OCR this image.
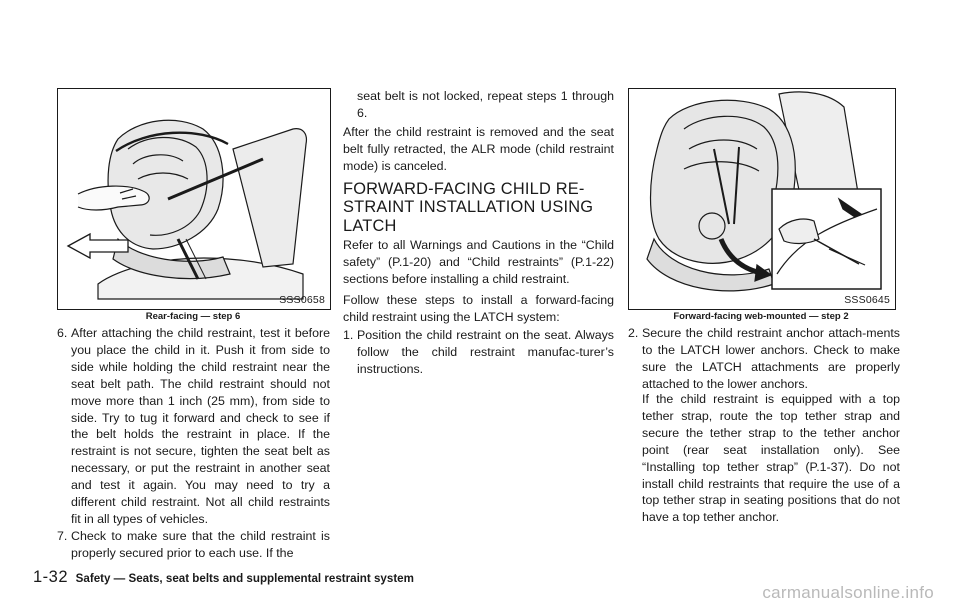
SSS0658
Rear-facing — step 6
6. After attaching the child restraint, test it before you place the child in it. Push it from side to side while holding the child restraint near the seat belt path. The child restraint should not move more than 1 inch (25 mm), from side to side. Try to tug it forward and check to see if the belt holds the restraint in place. If the restraint is not secure, tighten the seat belt as necessary, or put the restraint in another seat and test it again. You may need to try a different child restraint. Not all child restraints fit in all types of vehicles.
7. Check to make sure that the child restraint is properly secured prior to each use. If the
seat belt is not locked, repeat steps 1 through 6.
After the child restraint is removed and the seat belt fully retracted, the ALR mode (child restraint mode) is canceled.
FORWARD-FACING CHILD RE-
STRAINT INSTALLATION USING
LATCH
Refer to all Warnings and Cautions in the “Child safety” (P.1-20) and “Child restraints” (P.1-22) sections before installing a child restraint.
Follow these steps to install a forward-facing child restraint using the LATCH system:
1. Position the child restraint on the seat. Always follow the child restraint manufac-turer’s instructions.
SSS0645
Forward-facing web-mounted — step 2
2. Secure the child restraint anchor attach-ments to the LATCH lower anchors. Check to make sure the LATCH attachments are properly attached to the lower anchors.
If the child restraint is equipped with a top tether strap, route the top tether strap and secure the tether strap to the tether anchor point (rear seat installation only). See “Installing top tether strap” (P.1-37). Do not install child restraints that require the use of a top tether strap in seating positions that do not have a top tether anchor.
1-32 Safety — Seats, seat belts and supplemental restraint system
carmanualsonline.info
